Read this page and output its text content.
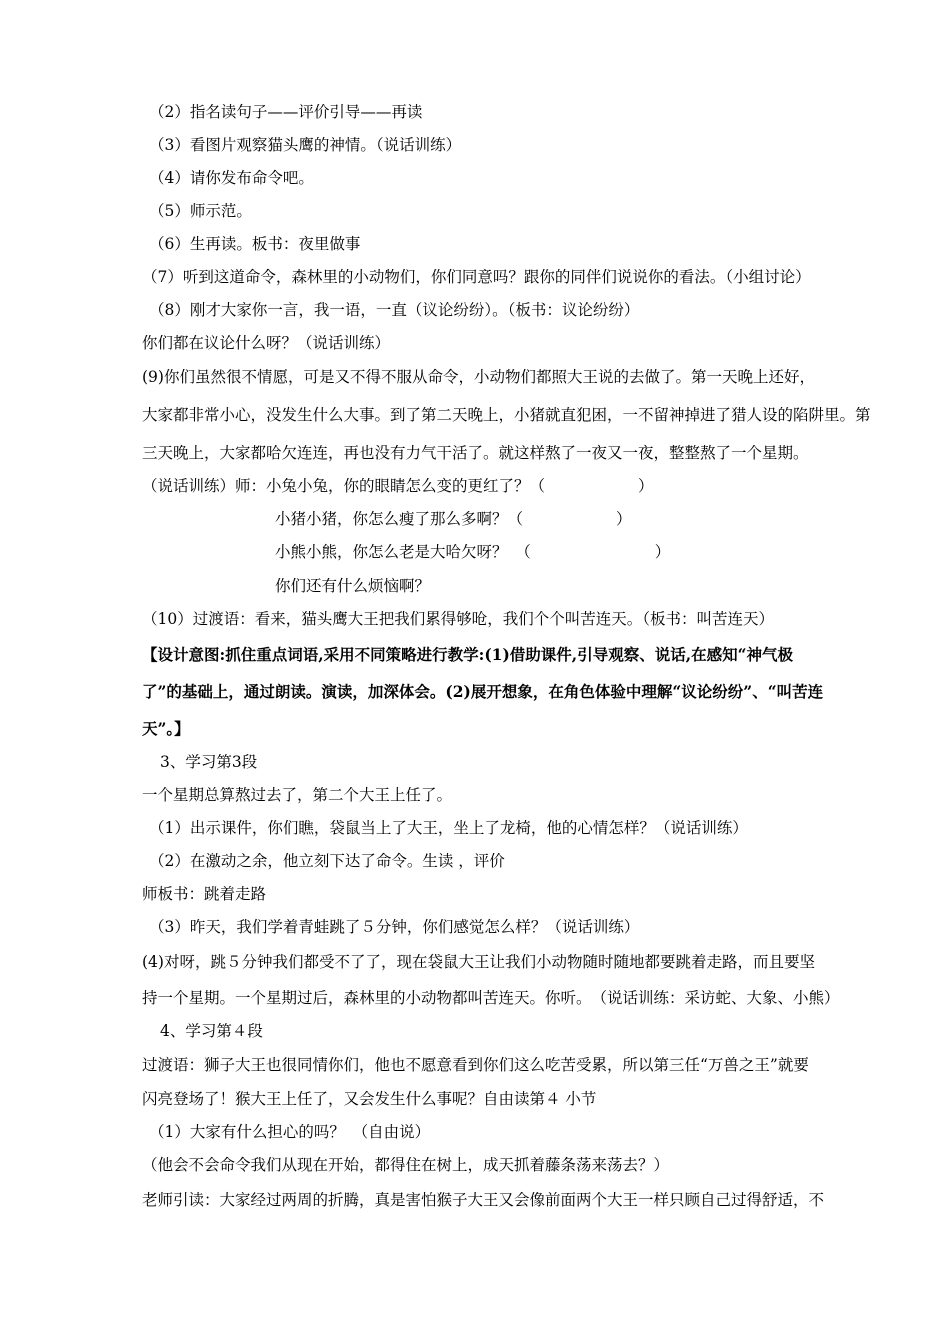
（2）指名读句子——评价引导——再读
（3）看图片观察猫头鹰的神情。（说话训练）
（4）请你发布命令吧。
（5）师示范。
（6）生再读。板书：夜里做事
（7）听到这道命令，森林里的小动物们，你们同意吗？跟你的同伴们说说你的看法。（小组讨论）
（8）刚才大家你一言，我一语，一直（议论纷纷）。（板书：议论纷纷）
你们都在议论什么呀？（说话训练）
(9)你们虽然很不情愿，可是又不得不服从命令，小动物们都照大王说的去做了。第一天晚上还好，
大家都非常小心，没发生什么大事。到了第二天晚上，小猪就直犯困，一不留神掉进了猎人设的陷阱里。第
三天晚上，大家都哈欠连连，再也没有力气干活了。就这样熬了一夜又一夜，整整熬了一个星期。
（说话训练）师：小兔小兔，你的眼睛怎么变的更红了？（　　　　　　）
小猪小猪，你怎么瘦了那么多啊？（　　　　　　）
小熊小熊，你怎么老是大哈欠呀？　（　　　　　　　　）
你们还有什么烦恼啊？
（10）过渡语：看来，猫头鹰大王把我们累得够呛，我们个个叫苦连天。（板书：叫苦连天）
【设计意图:抓住重点词语,采用不同策略进行教学:(1)借助课件,引导观察、说话,在感知“神气极
了”的基础上，通过朗读。演读，加深体会。(2)展开想象，在角色体验中理解“议论纷纷”、“叫苦连
天”。】
3、学习第3段
一个星期总算熬过去了，第二个大王上任了。
（1）出示课件，你们瞧，袋鼠当上了大王，坐上了龙椅，他的心情怎样？（说话训练）
（2）在激动之余，他立刻下达了命令。生读 ，评价
师板书：跳着走路
（3）昨天，我们学着青蛙跳了５分钟，你们感觉怎么样？（说话训练）
(4)对呀，跳５分钟我们都受不了了，现在袋鼠大王让我们小动物随时随地都要跳着走路，而且要坚
持一个星期。一个星期过后，森林里的小动物都叫苦连天。你听。　（说话训练：采访蛇、大象、小熊）
4、学习第４段
过渡语：狮子大王也很同情你们，他也不愿意看到你们这么吃苦受累，所以第三任“万兽之王”就要
闪亮登场了！猴大王上任了，又会发生什么事呢？自由读第４ 小节
（1）大家有什么担心的吗？　（自由说）
（他会不会命令我们从现在开始，都得住在树上，成天抓着藤条荡来荡去？）
老师引读：大家经过两周的折腾，真是害怕猴子大王又会像前面两个大王一样只顾自己过得舒适，不
